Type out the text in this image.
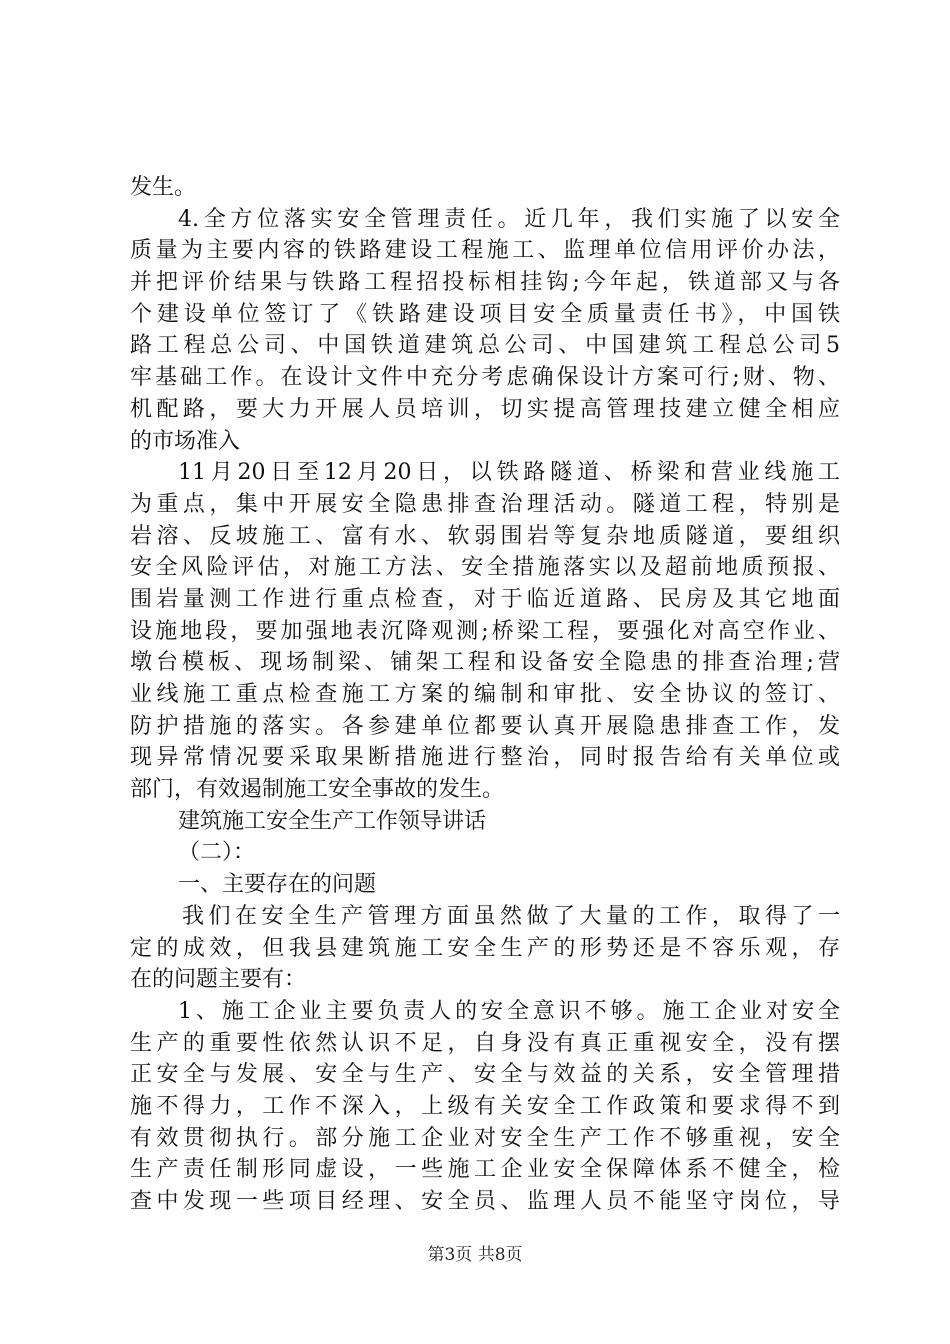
发生。
4.全方位落实安全管理责任。近几年，我们实施了以安全
质量为主要内容的铁路建设工程施工、监理单位信用评价办法，
并把评价结果与铁路工程招投标相挂钩;今年起，铁道部又与各
个建设单位签订了《铁路建设项目安全质量责任书》，中国铁
路工程总公司、中国铁道建筑总公司、中国建筑工程总公司5
牢基础工作。在设计文件中充分考虑确保设计方案可行;财、物、
机配路，要大力开展人员培训，切实提高管理技建立健全相应
的市场准入
11月20日至12月20日，以铁路隧道、桥梁和营业线施工
为重点，集中开展安全隐患排查治理活动。隧道工程，特别是
岩溶、反坡施工、富有水、软弱围岩等复杂地质隧道，要组织
安全风险评估，对施工方法、安全措施落实以及超前地质预报、
围岩量测工作进行重点检查，对于临近道路、民房及其它地面
设施地段，要加强地表沉降观测;桥梁工程，要强化对高空作业、
墩台模板、现场制梁、铺架工程和设备安全隐患的排查治理;营
业线施工重点检查施工方案的编制和审批、安全协议的签订、
防护措施的落实。各参建单位都要认真开展隐患排查工作，发
现异常情况要采取果断措施进行整治，同时报告给有关单位或
部门，有效遏制施工安全事故的发生。
建筑施工安全生产工作领导讲话
（二）：
一、主要存在的问题
我们在安全生产管理方面虽然做了大量的工作，取得了一
定的成效，但我县建筑施工安全生产的形势还是不容乐观，存
在的问题主要有：
1、施工企业主要负责人的安全意识不够。施工企业对安全
生产的重要性依然认识不足，自身没有真正重视安全，没有摆
正安全与发展、安全与生产、安全与效益的关系，安全管理措
施不得力，工作不深入，上级有关安全工作政策和要求得不到
有效贯彻执行。部分施工企业对安全生产工作不够重视，安全
生产责任制形同虚设，一些施工企业安全保障体系不健全，检
查中发现一些项目经理、安全员、监理人员不能坚守岗位，导
第3页 共8页
